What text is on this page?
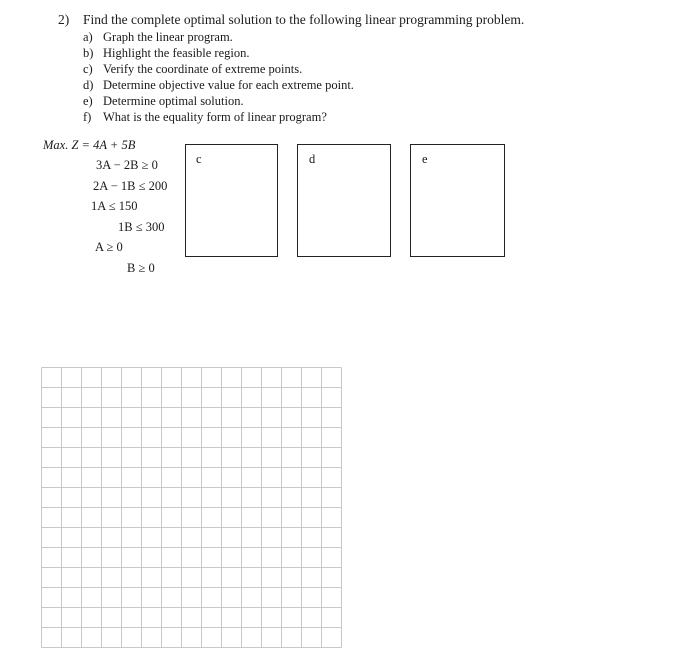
2) Find the complete optimal solution to the following linear programming problem.
a) Graph the linear program.
b) Highlight the feasible region.
c) Verify the coordinate of extreme points.
d) Determine objective value for each extreme point.
e) Determine optimal solution.
f) What is the equality form of linear program?
Max. Z = 4A + 5B
3A − 2B ≥ 0
2A − 1B ≤ 200
1A ≤ 150
1B ≤ 300
A ≥ 0
B ≥ 0
c	d	e
